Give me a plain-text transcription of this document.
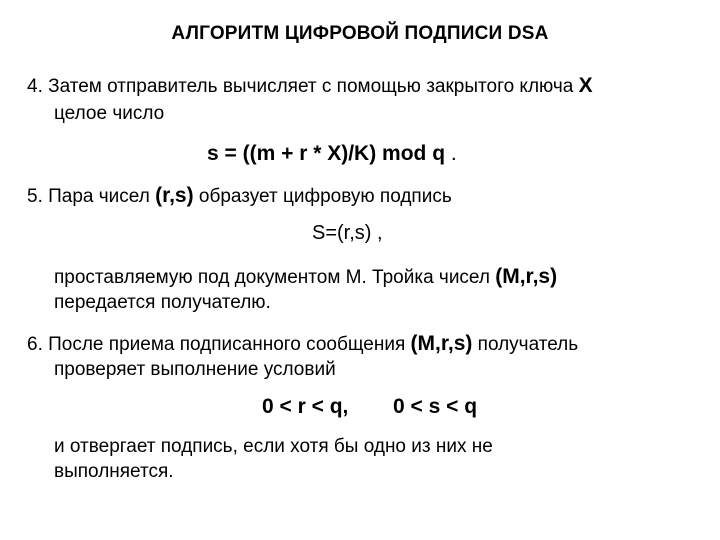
АЛГОРИТМ ЦИФРОВОЙ ПОДПИСИ DSA
4. Затем отправитель вычисляет с помощью закрытого ключа X
целое число
s = ((m + r * X)/K) mod q .
5. Пара чисел (r,s) образует цифровую подпись
S=(r,s) ,
проставляемую под документом М. Тройка чисел (M,r,s)
передается получателю.
6. После приема подписанного сообщения (M,r,s) получатель
проверяет выполнение условий
0 < r < q, 0 < s < q
и отвергает подпись, если хотя бы одно из них не
выполняется.
